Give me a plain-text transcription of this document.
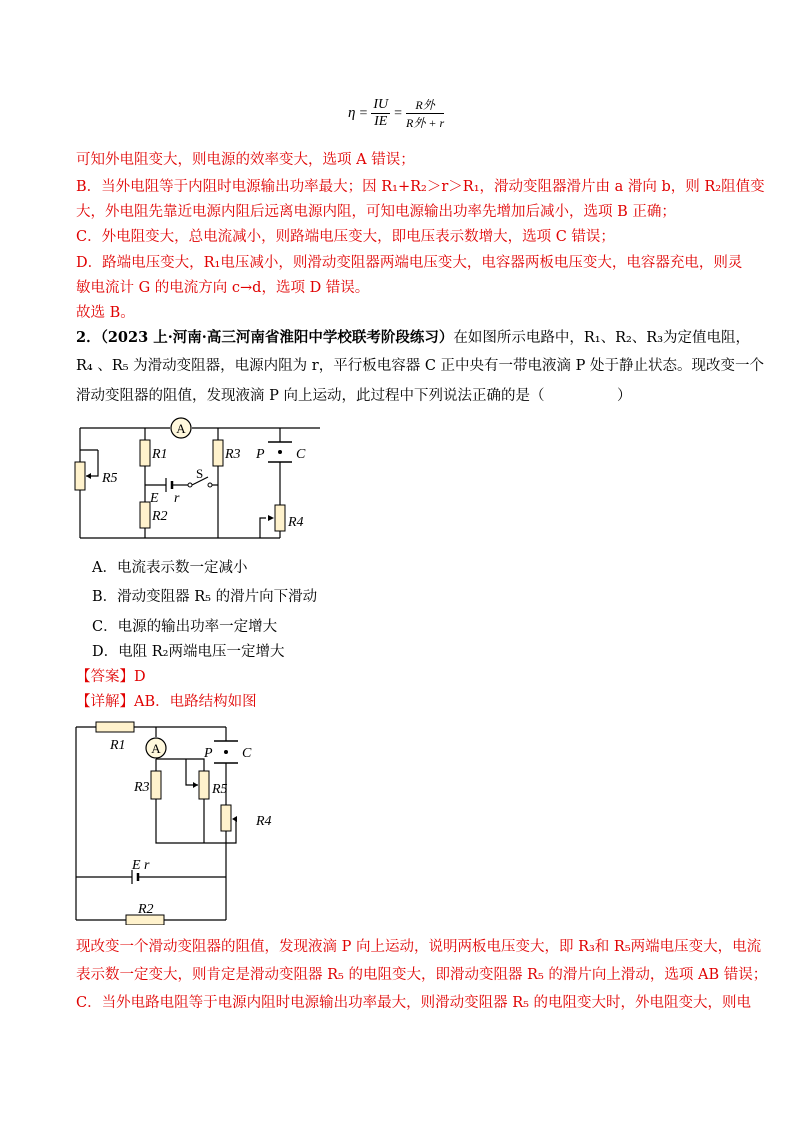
$\eta = \frac{IU}{IE} = \frac{\text{R外}}{\text{R外 + r}}$
可知外电阻变大，则电源的效率变大，选项 A 错误；
B．当外电阻等于内阻时电源输出功率最大；因 R₁+R₂＞r＞R₁，滑动变阻器滑片由 a 滑向 b，则 R₂阻值变
大，外电阻先靠近电源内阻后远离电源内阻，可知电源输出功率先增加后减小，选项 B 正确；
C．外电阻变大，总电流减小，则路端电压变大，即电压表示数增大，选项 C 错误；
D．路端电压变大，R₁电压减小，则滑动变阻器两端电压变大，电容器两板电压变大，电容器充电，则灵
敏电流计 G 的电流方向 c→d，选项 D 错误。
故选 B。
2．（2023 上·河南·高三河南省淮阳中学校联考阶段练习）在如图所示电路中，R₁、R₂、R₃为定值电阻，
R₄ 、R₅ 为滑动变阻器，电源内阻为 r，平行板电容器 C 正中央有一带电液滴 P 处于静止状态。现改变一个
滑动变阻器的阻值，发现液滴 P 向上运动，此过程中下列说法正确的是（　　　　　）
A
R1
R2
R3
R4
R5
E r
S
P C
A．电流表示数一定减小
B．滑动变阻器 R₅ 的滑片向下滑动
C．电源的输出功率一定增大
D．电阻 R₂两端电压一定增大
【答案】D
【详解】AB．电路结构如图
A
R1
R2
R3
R4
R5
E r
P C
现改变一个滑动变阻器的阻值，发现液滴 P 向上运动，说明两板电压变大，即 R₃和 R₅两端电压变大，电流
表示数一定变大，则肯定是滑动变阻器 R₅ 的电阻变大，即滑动变阻器 R₅ 的滑片向上滑动，选项 AB 错误；
C．当外电路电阻等于电源内阻时电源输出功率最大，则滑动变阻器 R₅ 的电阻变大时，外电阻变大，则电
